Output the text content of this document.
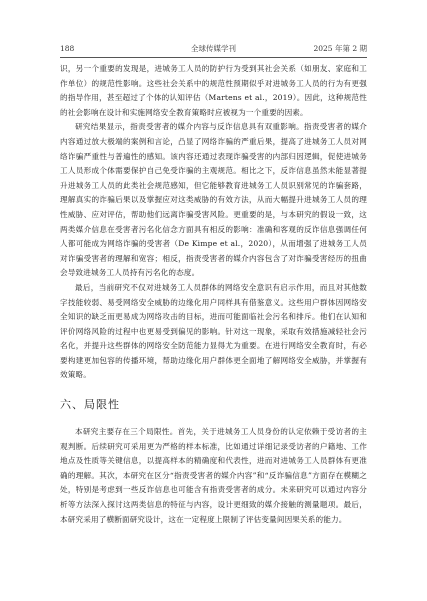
188	全球传媒学刊	2025 年第 2 期

识，另一个重要的发现是，进城务工人员的防护行为受到其社会关系（如朋友、家庭和工作单位）的规范性影响。这些社会关系中的规范性预期似乎对进城务工人员的行为有更强的指导作用，甚至超过了个体的认知评估（Martens et al.，2019）。因此，这种规范性的社会影响在设计和实施网络安全教育策略时应被视为一个重要的因素。

研究结果显示，指责受害者的媒介内容与反诈信息具有双重影响。指责受害者的媒介内容通过放大极端的案例和言论，凸显了网络诈骗的严重后果，提高了进城务工人员对网络诈骗严重性与普遍性的感知。该内容还通过表现诈骗受害的内部归因逻辑，促使进城务工人员形成个体需要保护自己免受诈骗的主观规范。相比之下，反诈信息虽然未能显著提升进城务工人员的此类社会规范感知，但它能够教育进城务工人员识别常见的诈骗套路，理解真实的诈骗后果以及掌握应对这类威胁的有效方法，从而大幅提升进城务工人员的理性威胁、应对评估，帮助他们远离诈骗受害风险。更重要的是，与本研究的假设一致，这两类媒介信息在受害者污名化信念方面具有相反的影响：准确和客观的反诈信息强调任何人都可能成为网络诈骗的受害者（De Kimpe et al.，2020），从而增强了进城务工人员对诈骗受害者的理解和宽容；相反，指责受害者的媒介内容包含了对诈骗受害经历的扭曲会导致进城务工人员持有污名化的态度。

最后，当前研究不仅对进城务工人员群体的网络安全意识有启示作用，而且对其他数字技能较弱、易受网络安全威胁的边缘化用户同样具有借鉴意义。这些用户群体因网络安全知识的缺乏而更易成为网络攻击的目标，进而可能面临社会污名和排斥。他们在认知和评价网络风险的过程中也更易受到偏见的影响。针对这一现象，采取有效措施减轻社会污名化，并提升这些群体的网络安全防范能力显得尤为重要。在进行网络安全教育时，有必要构建更加包容的传播环境，帮助边缘化用户群体更全面地了解网络安全威胁，并掌握有效策略。

六、局限性

本研究主要存在三个局限性。首先，关于进城务工人员身份的认定依赖于受访者的主观判断。后续研究可采用更为严格的样本标准，比如通过详细记录受访者的户籍地、工作地点及性质等关键信息，以提高样本的精确度和代表性，进而对进城务工人员群体有更准确的理解。其次，本研究在区分“指责受害者的媒介内容”和“反诈骗信息”方面存在模糊之处，特别是考虑到一些反诈信息也可能含有指责受害者的成分。未来研究可以通过内容分析等方法深入探讨这两类信息的特征与内容，设计更细致的媒介接触的测量题项。最后，本研究采用了横断面研究设计，这在一定程度上限制了评估变量间因果关系的能力。
